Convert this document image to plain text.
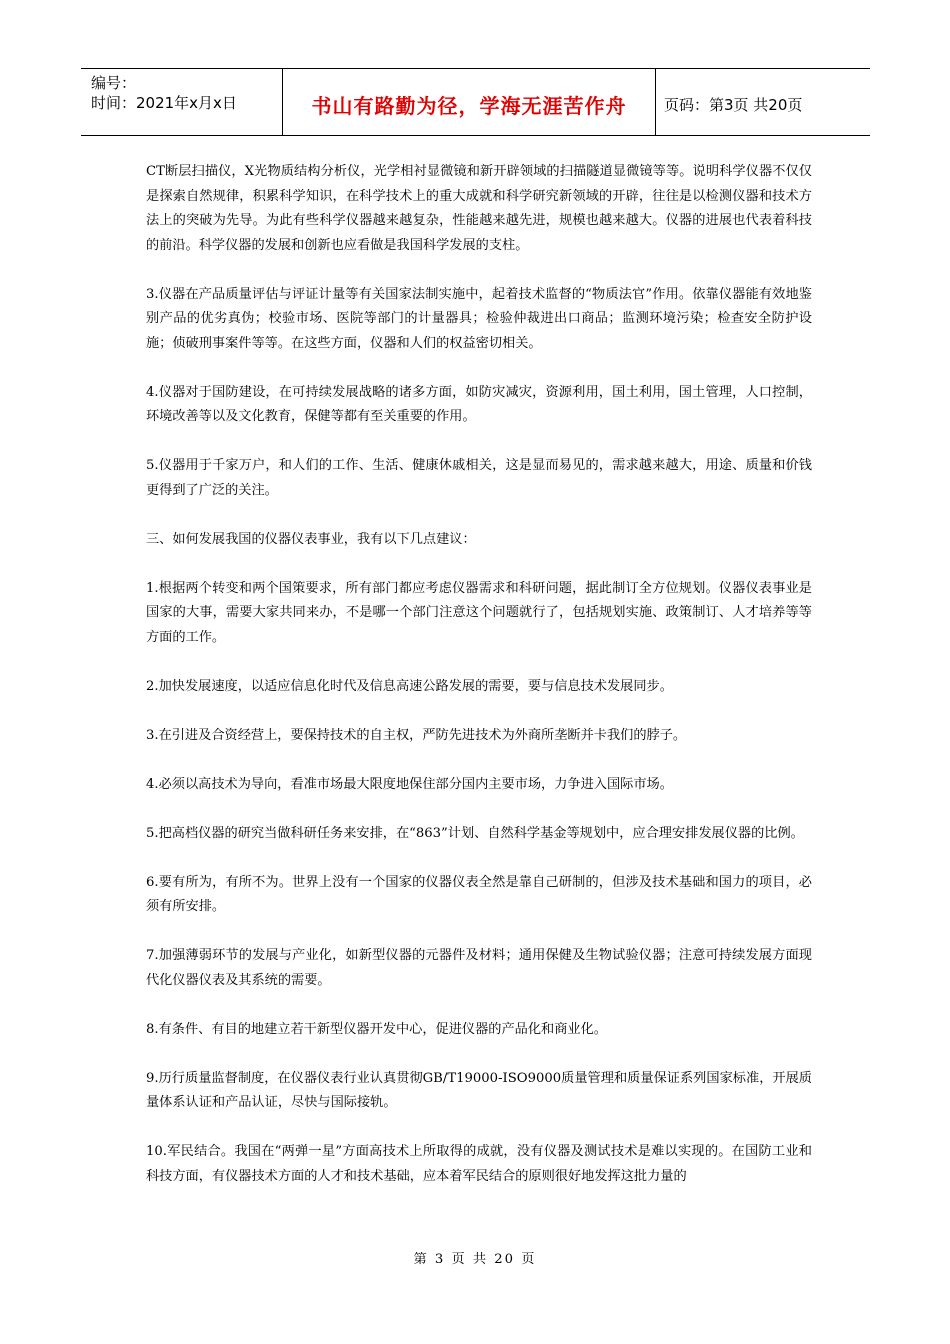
编号：
时间：2021年x月x日	书山有路勤为径，学海无涯苦作舟	页码：第3页 共20页

CT断层扫描仪，X光物质结构分析仪，光学相衬显微镜和新开辟领域的扫描隧道显微镜等等。说明科学仪器不仅仅是探索自然规律，积累科学知识，在科学技术上的重大成就和科学研究新领域的开辟，往往是以检测仪器和技术方法上的突破为先导。为此有些科学仪器越来越复杂，性能越来越先进，规模也越来越大。仪器的进展也代表着科技的前沿。科学仪器的发展和创新也应看做是我国科学发展的支柱。

3.仪器在产品质量评估与评证计量等有关国家法制实施中，起着技术监督的“物质法官”作用。依靠仪器能有效地鉴别产品的优劣真伪；校验市场、医院等部门的计量器具；检验仲裁进出口商品；监测环境污染；检查安全防护设施；侦破刑事案件等等。在这些方面，仪器和人们的权益密切相关。

4.仪器对于国防建设，在可持续发展战略的诸多方面，如防灾减灾，资源利用，国土利用，国土管理，人口控制，环境改善等以及文化教育，保健等都有至关重要的作用。

5.仪器用于千家万户，和人们的工作、生活、健康休戚相关，这是显而易见的，需求越来越大，用途、质量和价钱更得到了广泛的关注。

三、如何发展我国的仪器仪表事业，我有以下几点建议：

1.根据两个转变和两个国策要求，所有部门都应考虑仪器需求和科研问题，据此制订全方位规划。仪器仪表事业是国家的大事，需要大家共同来办，不是哪一个部门注意这个问题就行了，包括规划实施、政策制订、人才培养等等方面的工作。

2.加快发展速度，以适应信息化时代及信息高速公路发展的需要，要与信息技术发展同步。

3.在引进及合资经营上，要保持技术的自主权，严防先进技术为外商所垄断并卡我们的脖子。

4.必须以高技术为导向，看准市场最大限度地保住部分国内主要市场，力争进入国际市场。

5.把高档仪器的研究当做科研任务来安排，在“863”计划、自然科学基金等规划中，应合理安排发展仪器的比例。

6.要有所为，有所不为。世界上没有一个国家的仪器仪表全然是靠自己研制的，但涉及技术基础和国力的项目，必须有所安排。

7.加强薄弱环节的发展与产业化，如新型仪器的元器件及材料；通用保健及生物试验仪器；注意可持续发展方面现代化仪器仪表及其系统的需要。

8.有条件、有目的地建立若干新型仪器开发中心，促进仪器的产品化和商业化。

9.历行质量监督制度，在仪器仪表行业认真贯彻GB/T19000-ISO9000质量管理和质量保证系列国家标准，开展质量体系认证和产品认证，尽快与国际接轨。

10.军民结合。我国在“两弹一星”方面高技术上所取得的成就，没有仪器及测试技术是难以实现的。在国防工业和科技方面，有仪器技术方面的人才和技术基础，应本着军民结合的原则很好地发挥这批力量的

第 3 页 共 20 页
